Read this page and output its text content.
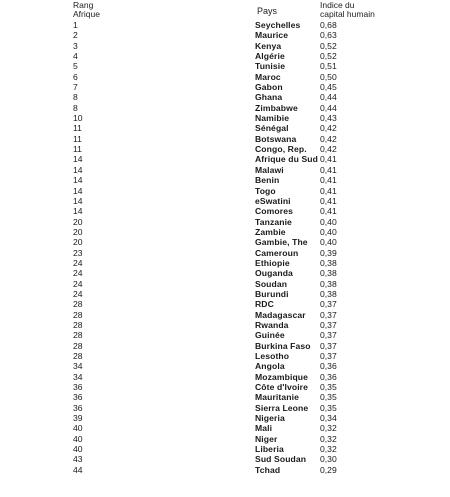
Rang
Afrique	Pays
Indice du
capital humain
1	Seychelles 0,68
2	Maurice	0,63
3	Kenya	0,52
4	Algérie	0,52
5	Tunisie	0,51
6	Maroc	0,50
7	Gabon	0,45
8	Ghana	0,44
8	Zimbabwe	0,44
10	Namibie	0,43
11	Sénégal	0,42
11	Botswana	0,42
11	Congo, Rep. 0,42
14	Afrique du Sud 0,41
14	Malawi	0,41
14	Benin	0,41
14	Togo	0,41
14	eSwatini	0,41
14	Comores	0,41
20	Tanzanie	0,40
20	Zambie	0,40
20	Gambie, The 0,40
23	Cameroun	0,39
24	Ethiopie	0,38
24	Ouganda	0,38
24	Soudan	0,38
24	Burundi	0,38
28	RDC	0,37
28	Madagascar 0,37
28	Rwanda	0,37
28	Guinée	0,37
28	Burkina Faso 0,37
28	Lesotho	0,37
34	Angola	0,36
34	Mozambique 0,36
36	Côte d'Ivoire 0,35
36	Mauritanie 0,35
36	Sierra Leone 0,35
39	Nigeria	0,34
40	Mali	0,32
40	Niger	0,32
40	Liberia	0,32
43	Sud Soudan 0,30
44	Tchad	0,29
